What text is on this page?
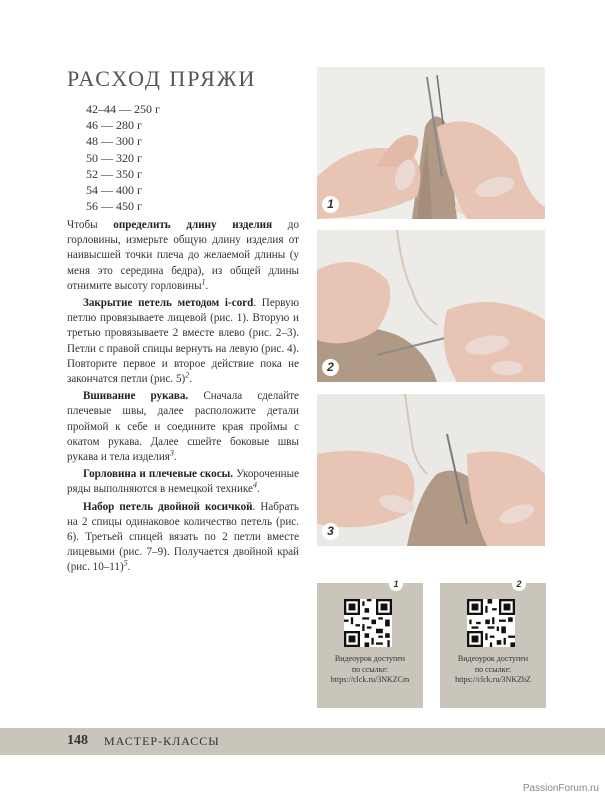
РАСХОД ПРЯЖИ
42–44 — 250 г
46 — 280 г
48 — 300 г
50 — 320 г
52 — 350 г
54 — 400 г
56 — 450 г

Чтобы определить длину изделия до горловины, измерьте общую длину изделия от наивысшей точки плеча до желаемой длины (у меня это середина бедра), из общей длины отнимите высоту горловины$^1$.

Закрытие петель методом i-cord. Первую петлю провязываете лицевой (рис. 1). Вторую и третью провязываете 2 вместе влево (рис. 2–3). Петли с правой спицы вернуть на левую (рис. 4). Повторите первое и второе действие пока не закончатся петли (рис. 5)$^2$.

Вшивание рукава. Сначала сделайте плечевые швы, далее расположите детали проймой к себе и соедините края проймы с окатом рукава. Далее сшейте боковые швы рукава и тела изделия$^3$.

Горловина и плечевые скосы. Укороченные ряды выполняются в немецкой технике$^4$.

Набор петель двойной косичкой. Набрать на 2 спицы одинаковое количество петель (рис. 6). Третьей спицей вязать по 2 петли вместе лицевыми (рис. 7–9). Получается двойной край (рис. 10–11)$^5$.

1
2
3
1
Видеоурок доступен
по ссылке:
https://clck.ru/3NKZCm
2
Видеоурок доступен
по ссылке:
https://clck.ru/3NKZbZ
148 МАСТЕР-КЛАССЫ
PassionForum.ru
